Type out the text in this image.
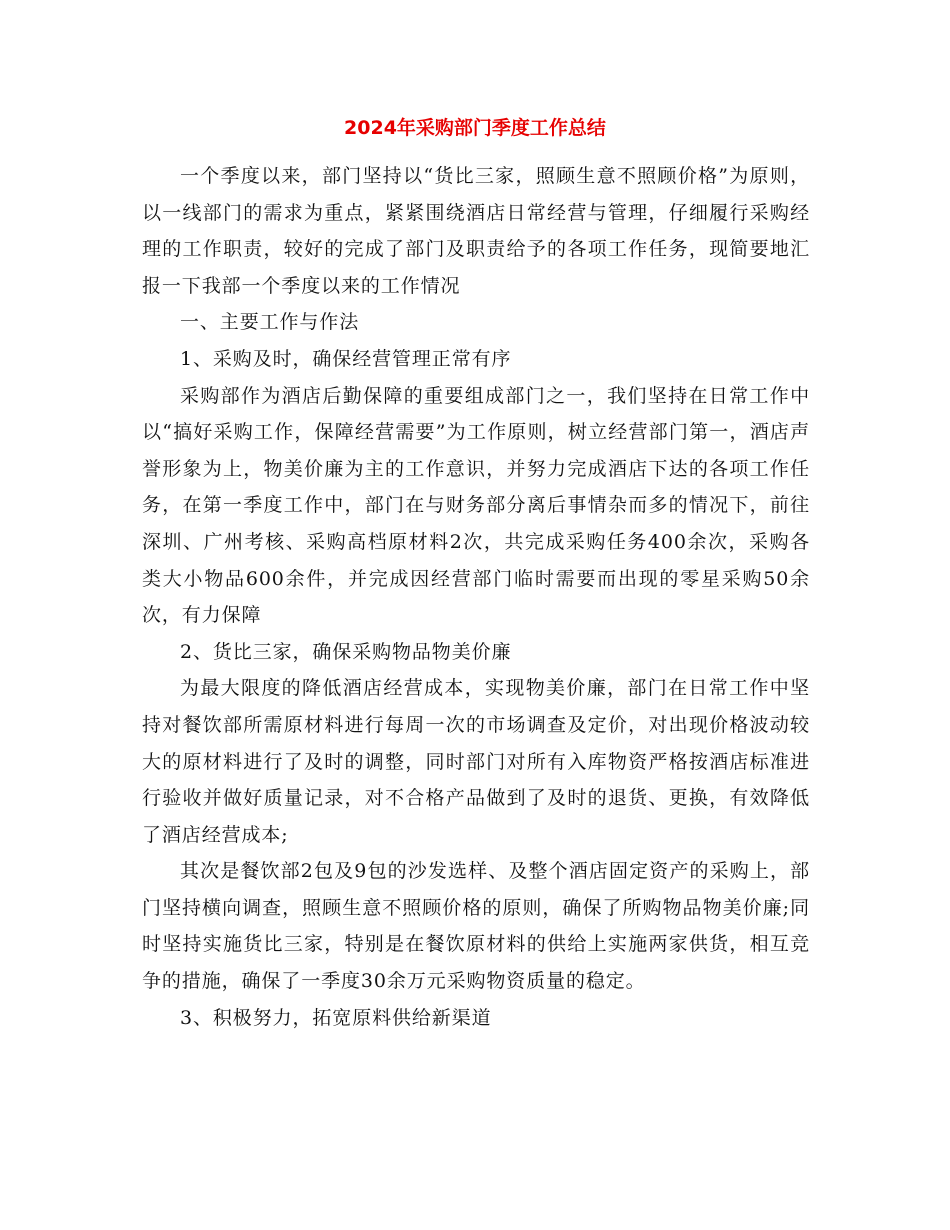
2024年采购部门季度工作总结

一个季度以来，部门坚持以“货比三家，照顾生意不照顾价格”为原则，以一线部门的需求为重点，紧紧围绕酒店日常经营与管理，仔细履行采购经理的工作职责，较好的完成了部门及职责给予的各项工作任务，现简要地汇报一下我部一个季度以来的工作情况

一、主要工作与作法

1、采购及时，确保经营管理正常有序

采购部作为酒店后勤保障的重要组成部门之一，我们坚持在日常工作中以“搞好采购工作，保障经营需要”为工作原则，树立经营部门第一，酒店声誉形象为上，物美价廉为主的工作意识，并努力完成酒店下达的各项工作任务，在第一季度工作中，部门在与财务部分离后事情杂而多的情况下，前往深圳、广州考核、采购高档原材料2次，共完成采购任务400余次，采购各类大小物品600余件，并完成因经营部门临时需要而出现的零星采购50余次，有力保障

2、货比三家，确保采购物品物美价廉

为最大限度的降低酒店经营成本，实现物美价廉，部门在日常工作中坚持对餐饮部所需原材料进行每周一次的市场调查及定价，对出现价格波动较大的原材料进行了及时的调整，同时部门对所有入库物资严格按酒店标准进行验收并做好质量记录，对不合格产品做到了及时的退货、更换，有效降低了酒店经营成本;

其次是餐饮部2包及9包的沙发选样、及整个酒店固定资产的采购上，部门坚持横向调查，照顾生意不照顾价格的原则，确保了所购物品物美价廉;同时坚持实施货比三家，特别是在餐饮原材料的供给上实施两家供货，相互竞争的措施，确保了一季度30余万元采购物资质量的稳定。

3、积极努力，拓宽原料供给新渠道
